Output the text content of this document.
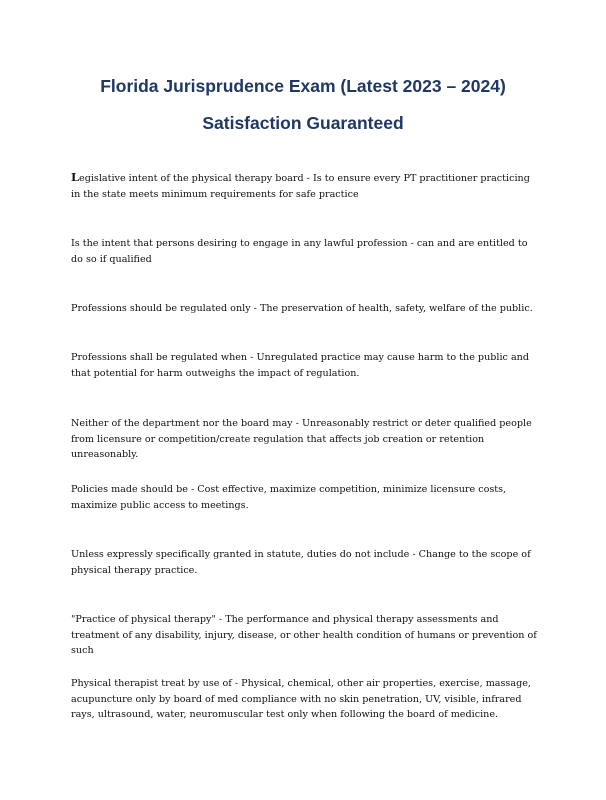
Florida Jurisprudence Exam (Latest 2023 – 2024)
Satisfaction Guaranteed

Legislative intent of the physical therapy board - Is to ensure every PT practitioner practicing in the state meets minimum requirements for safe practice

Is the intent that persons desiring to engage in any lawful profession - can and are entitled to do so if qualified

Professions should be regulated only - The preservation of health, safety, welfare of the public.

Professions shall be regulated when - Unregulated practice may cause harm to the public and that potential for harm outweighs the impact of regulation.

Neither of the department nor the board may - Unreasonably restrict or deter qualified people from licensure or competition/create regulation that affects job creation or retention unreasonably.

Policies made should be - Cost effective, maximize competition, minimize licensure costs, maximize public access to meetings.

Unless expressly specifically granted in statute, duties do not include - Change to the scope of physical therapy practice.

"Practice of physical therapy" - The performance and physical therapy assessments and treatment of any disability, injury, disease, or other health condition of humans or prevention of such

Physical therapist treat by use of - Physical, chemical, other air properties, exercise, massage, acupuncture only by board of med compliance with no skin penetration, UV, visible, infrared rays, ultrasound, water, neuromuscular test only when following the board of medicine.
